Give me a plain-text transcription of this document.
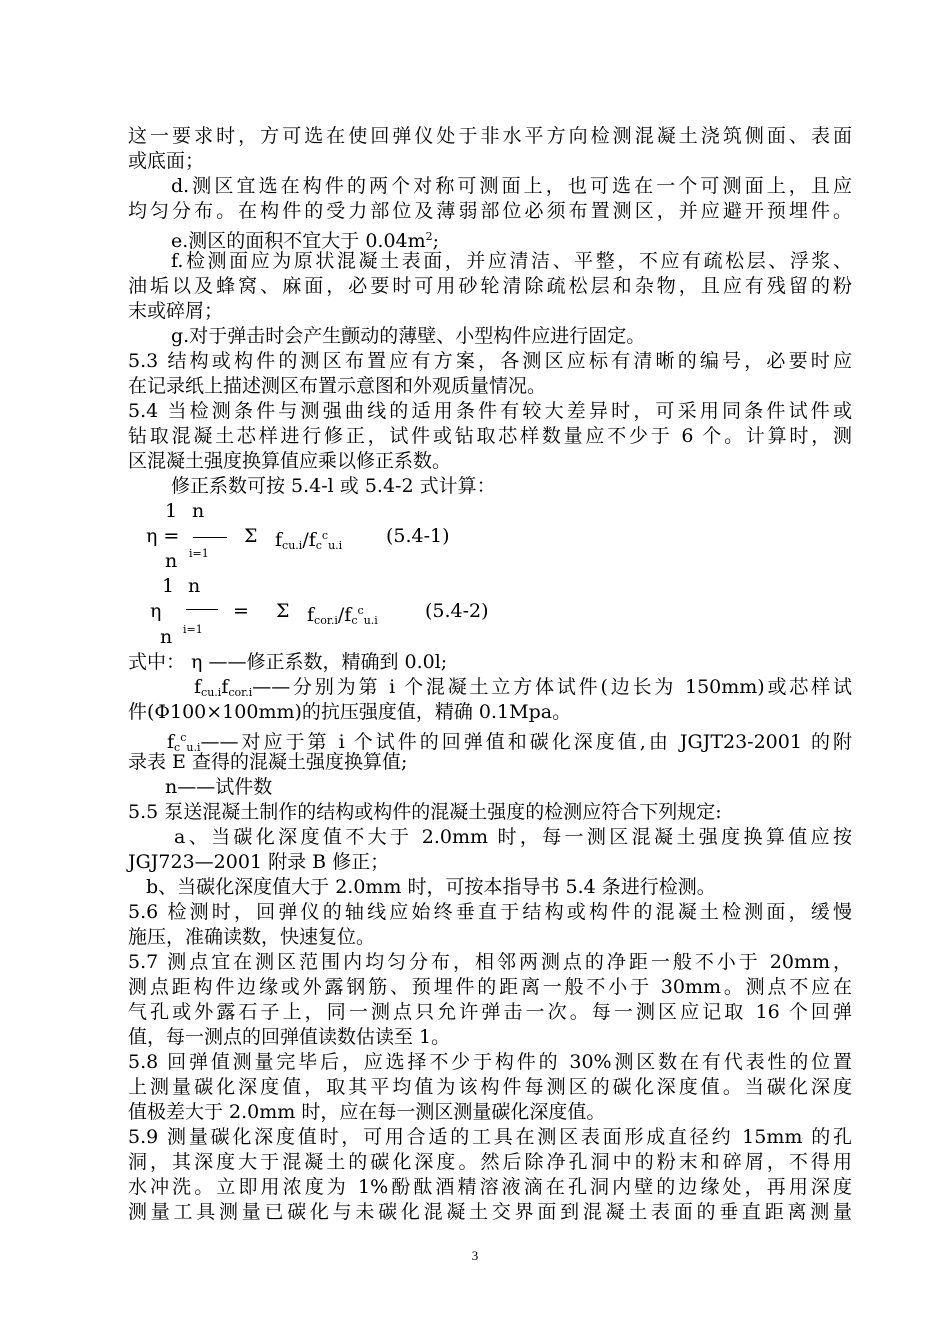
这一要求时，方可选在使回弹仪处于非水平方向检测混凝土浇筑侧面、表面
或底面；
d.测区宜选在构件的两个对称可测面上，也可选在一个可测面上，且应
均匀分布。在构件的受力部位及薄弱部位必须布置测区，并应避开预埋件。
e.测区的面积不宜大于 $0.04m^2$;
f.检测面应为原状混凝土表面，并应清洁、平整，不应有疏松层、浮浆、
油垢以及蜂窝、麻面，必要时可用砂轮清除疏松层和杂物，且应有残留的粉
末或碎屑；
g.对于弹击时会产生颤动的薄壁、小型构件应进行固定。
5.3 结构或构件的测区布置应有方案，各测区应标有清晰的编号，必要时应
在记录纸上描述测区布置示意图和外观质量情况。
5.4 当检测条件与测强曲线的适用条件有较大差异时，可采用同条件试件或
钻取混凝土芯样进行修正，试件或钻取芯样数量应不少于 6 个。计算时，测
区混凝土强度换算值应乘以修正系数。
修正系数可按 5.4-l 或 5.4-2 式计算：
1 n
η =	Σ $f_{cu.i}/f_c^c_{u.i}$ (5.4-1)
n i=1
1 n
η	= Σ $f_{cor.i}/f_c^c_{u.i}$ (5.4-2)
n i=1
式中： η ——修正系数，精确到 0.0l;
$f_{cu.i}f_{cor.i}——$分别为第 i 个混凝土立方体试件(边长为 150mm)或芯样试
件(Φ100×100mm)的抗压强度值，精确 0.1Mpa。
$f_c^c_{u.i}——$对应于第 i 个试件的回弹值和碳化深度值,由 JGJT23-2001 的附
录表 E 查得的混凝土强度换算值;
n——试件数
5.5 泵送混凝土制作的结构或构件的混凝土强度的检测应符合下列规定:
a、当碳化深度值不大于 2.0mm 时，每一测区混凝土强度换算值应按
JGJ723—2001 附录 B 修正；
b、当碳化深度值大于 2.0mm 时，可按本指导书 5.4 条进行检测。
5.6 检测时，回弹仪的轴线应始终垂直于结构或构件的混凝土检测面，缓慢
施压，准确读数，快速复位。
5.7 测点宜在测区范围内均匀分布，相邻两测点的净距一般不小于 20mm，
测点距构件边缘或外露钢筋、预埋件的距离一般不小于 30mm。测点不应在
气孔或外露石子上，同一测点只允许弹击一次。每一测区应记取 16 个回弹
值，每一测点的回弹值读数估读至 1。
5.8 回弹值测量完毕后，应选择不少于构件的 30%测区数在有代表性的位置
上测量碳化深度值，取其平均值为该构件每测区的碳化深度值。当碳化深度
值极差大于 2.0mm 时，应在每一测区测量碳化深度值。
5.9 测量碳化深度值时，可用合适的工具在测区表面形成直径约 15mm 的孔
洞，其深度大于混凝土的碳化深度。然后除净孔洞中的粉末和碎屑，不得用
水冲洗。立即用浓度为 1%酚酞酒精溶液滴在孔洞内壁的边缘处，再用深度
测量工具测量已碳化与未碳化混凝土交界面到混凝土表面的垂直距离测量
3
